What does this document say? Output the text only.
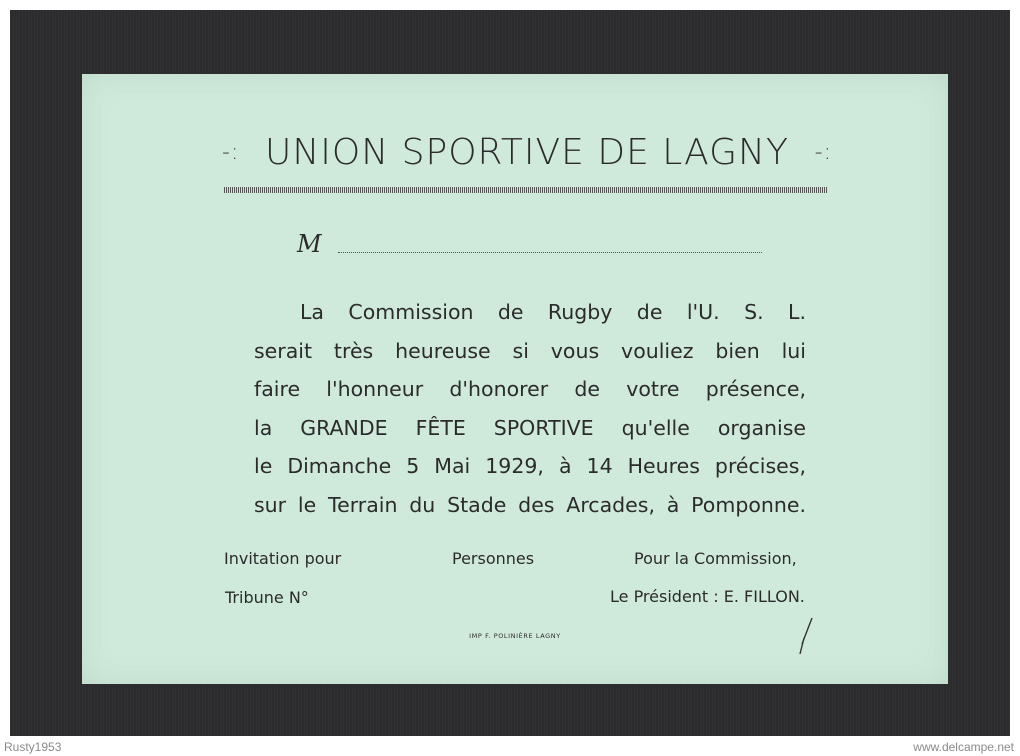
-: UNION SPORTIVE DE LAGNY -:
M
La Commission de Rugby de l'U. S. L.
serait très heureuse si vous vouliez bien lui
faire l'honneur d'honorer de votre présence,
la GRANDE FÊTE SPORTIVE qu'elle organise
le Dimanche 5 Mai 1929, à 14 Heures précises,
sur le Terrain du Stade des Arcades, à Pomponne.
Invitation pour	Personnes	Pour la Commission,
Tribune N°	Le Président : E. FILLON.
IMP F. POLINIÈRE LAGNY
Rusty1953	www.delcampe.net
